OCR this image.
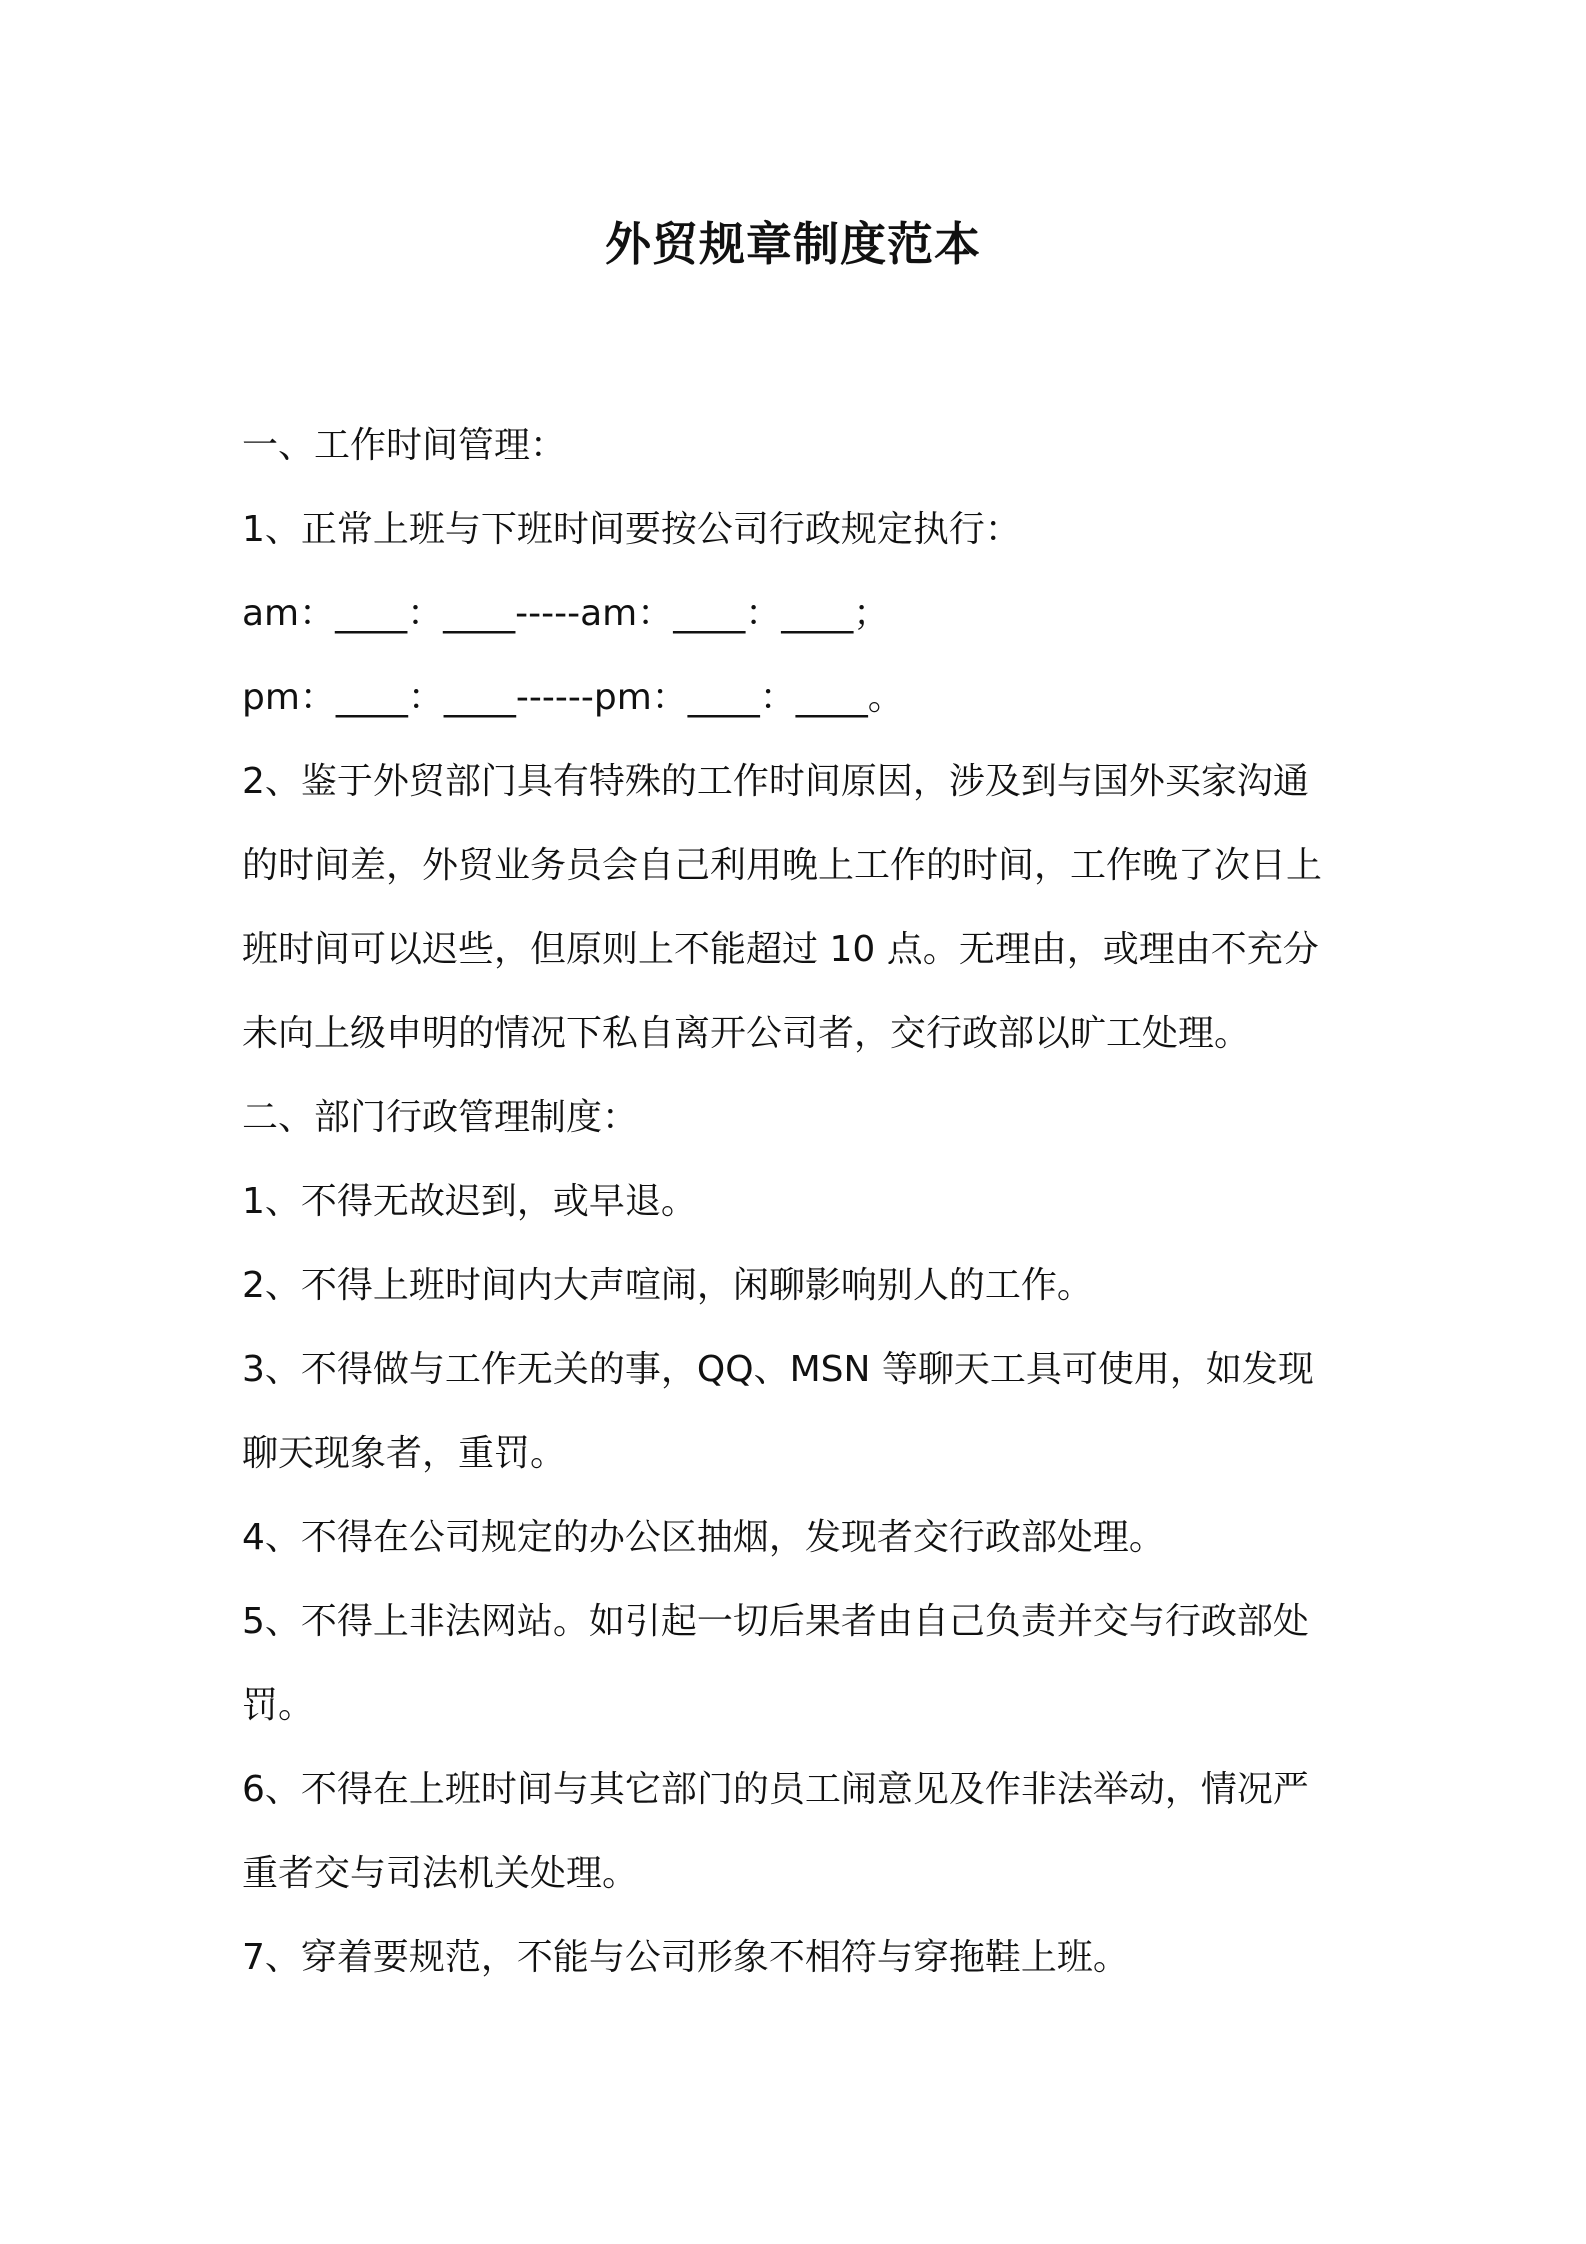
外贸规章制度范本

一、工作时间管理：

1、正常上班与下班时间要按公司行政规定执行：

am：____：____-----am：____：____；

pm：____：____------pm：____：____。

2、鉴于外贸部门具有特殊的工作时间原因，涉及到与国外买家沟通

的时间差，外贸业务员会自己利用晚上工作的时间，工作晚了次日上

班时间可以迟些，但原则上不能超过 10 点。无理由，或理由不充分

未向上级申明的情况下私自离开公司者，交行政部以旷工处理。

二、部门行政管理制度：

1、不得无故迟到，或早退。

2、不得上班时间内大声喧闹，闲聊影响别人的工作。

3、不得做与工作无关的事，QQ、MSN 等聊天工具可使用，如发现

聊天现象者，重罚。

4、不得在公司规定的办公区抽烟，发现者交行政部处理。

5、不得上非法网站。如引起一切后果者由自己负责并交与行政部处

罚。

6、不得在上班时间与其它部门的员工闹意见及作非法举动，情况严

重者交与司法机关处理。

7、穿着要规范，不能与公司形象不相符与穿拖鞋上班。
